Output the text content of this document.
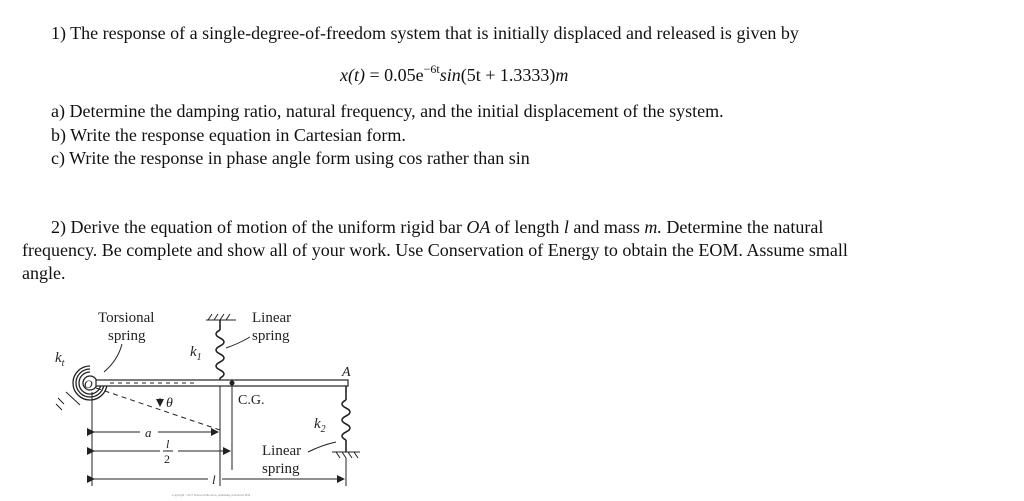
1) The response of a single-degree-of-freedom system that is initially displaced and released is given by
$x(t) = 0.05e^{-6t}\sin(5t + 1.3333)m$
a) Determine the damping ratio, natural frequency, and the initial displacement of the system.
b) Write the response equation in Cartesian form.
c) Write the response in phase angle form using cos rather than sin
2) Derive the equation of motion of the uniform rigid bar OA of length l and mass m. Determine the natural
frequency. Be complete and show all of your work. Use Conservation of Energy to obtain the EOM. Assume small
angle.
Torsional
spring
$k_t$
$k_1$
Linear
spring
O
C.G.
A
θ
$k_2$
Linear
spring
a
l
2
l
Copyright ©2017 Pearson Education, publishing as Prentice Hall
